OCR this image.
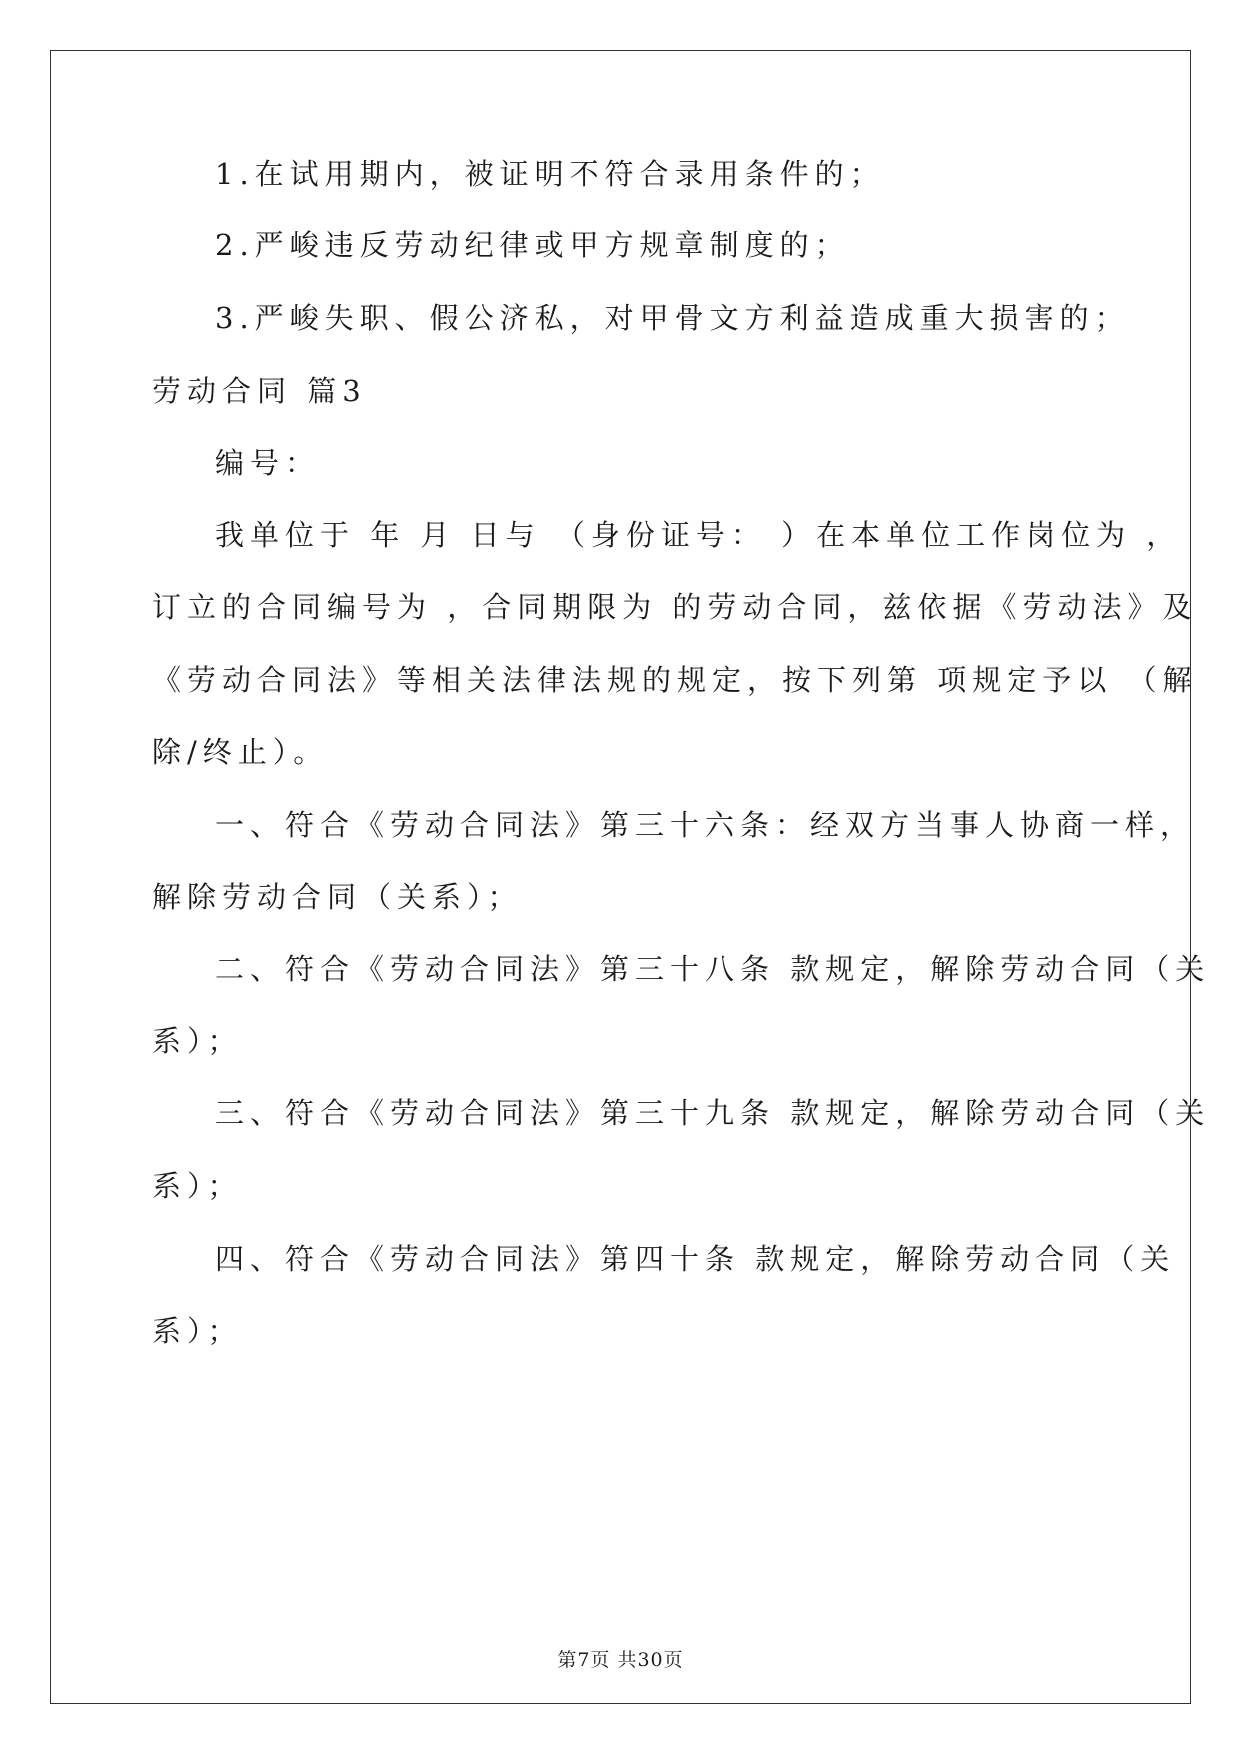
1.在试用期内，被证明不符合录用条件的；
2.严峻违反劳动纪律或甲方规章制度的；
3.严峻失职、假公济私，对甲骨文方利益造成重大损害的；
劳动合同 篇3
编号：
我单位于 年 月 日与 （身份证号： ）在本单位工作岗位为 ，
订立的合同编号为 ，合同期限为 的劳动合同，兹依据《劳动法》及
《劳动合同法》等相关法律法规的规定，按下列第 项规定予以 （解
除/终止）。
一、符合《劳动合同法》第三十六条：经双方当事人协商一样，
解除劳动合同（关系）；
二、符合《劳动合同法》第三十八条 款规定，解除劳动合同（关
系）；
三、符合《劳动合同法》第三十九条 款规定，解除劳动合同（关
系）；
四、符合《劳动合同法》第四十条 款规定，解除劳动合同（关
系）；
第7页 共30页
